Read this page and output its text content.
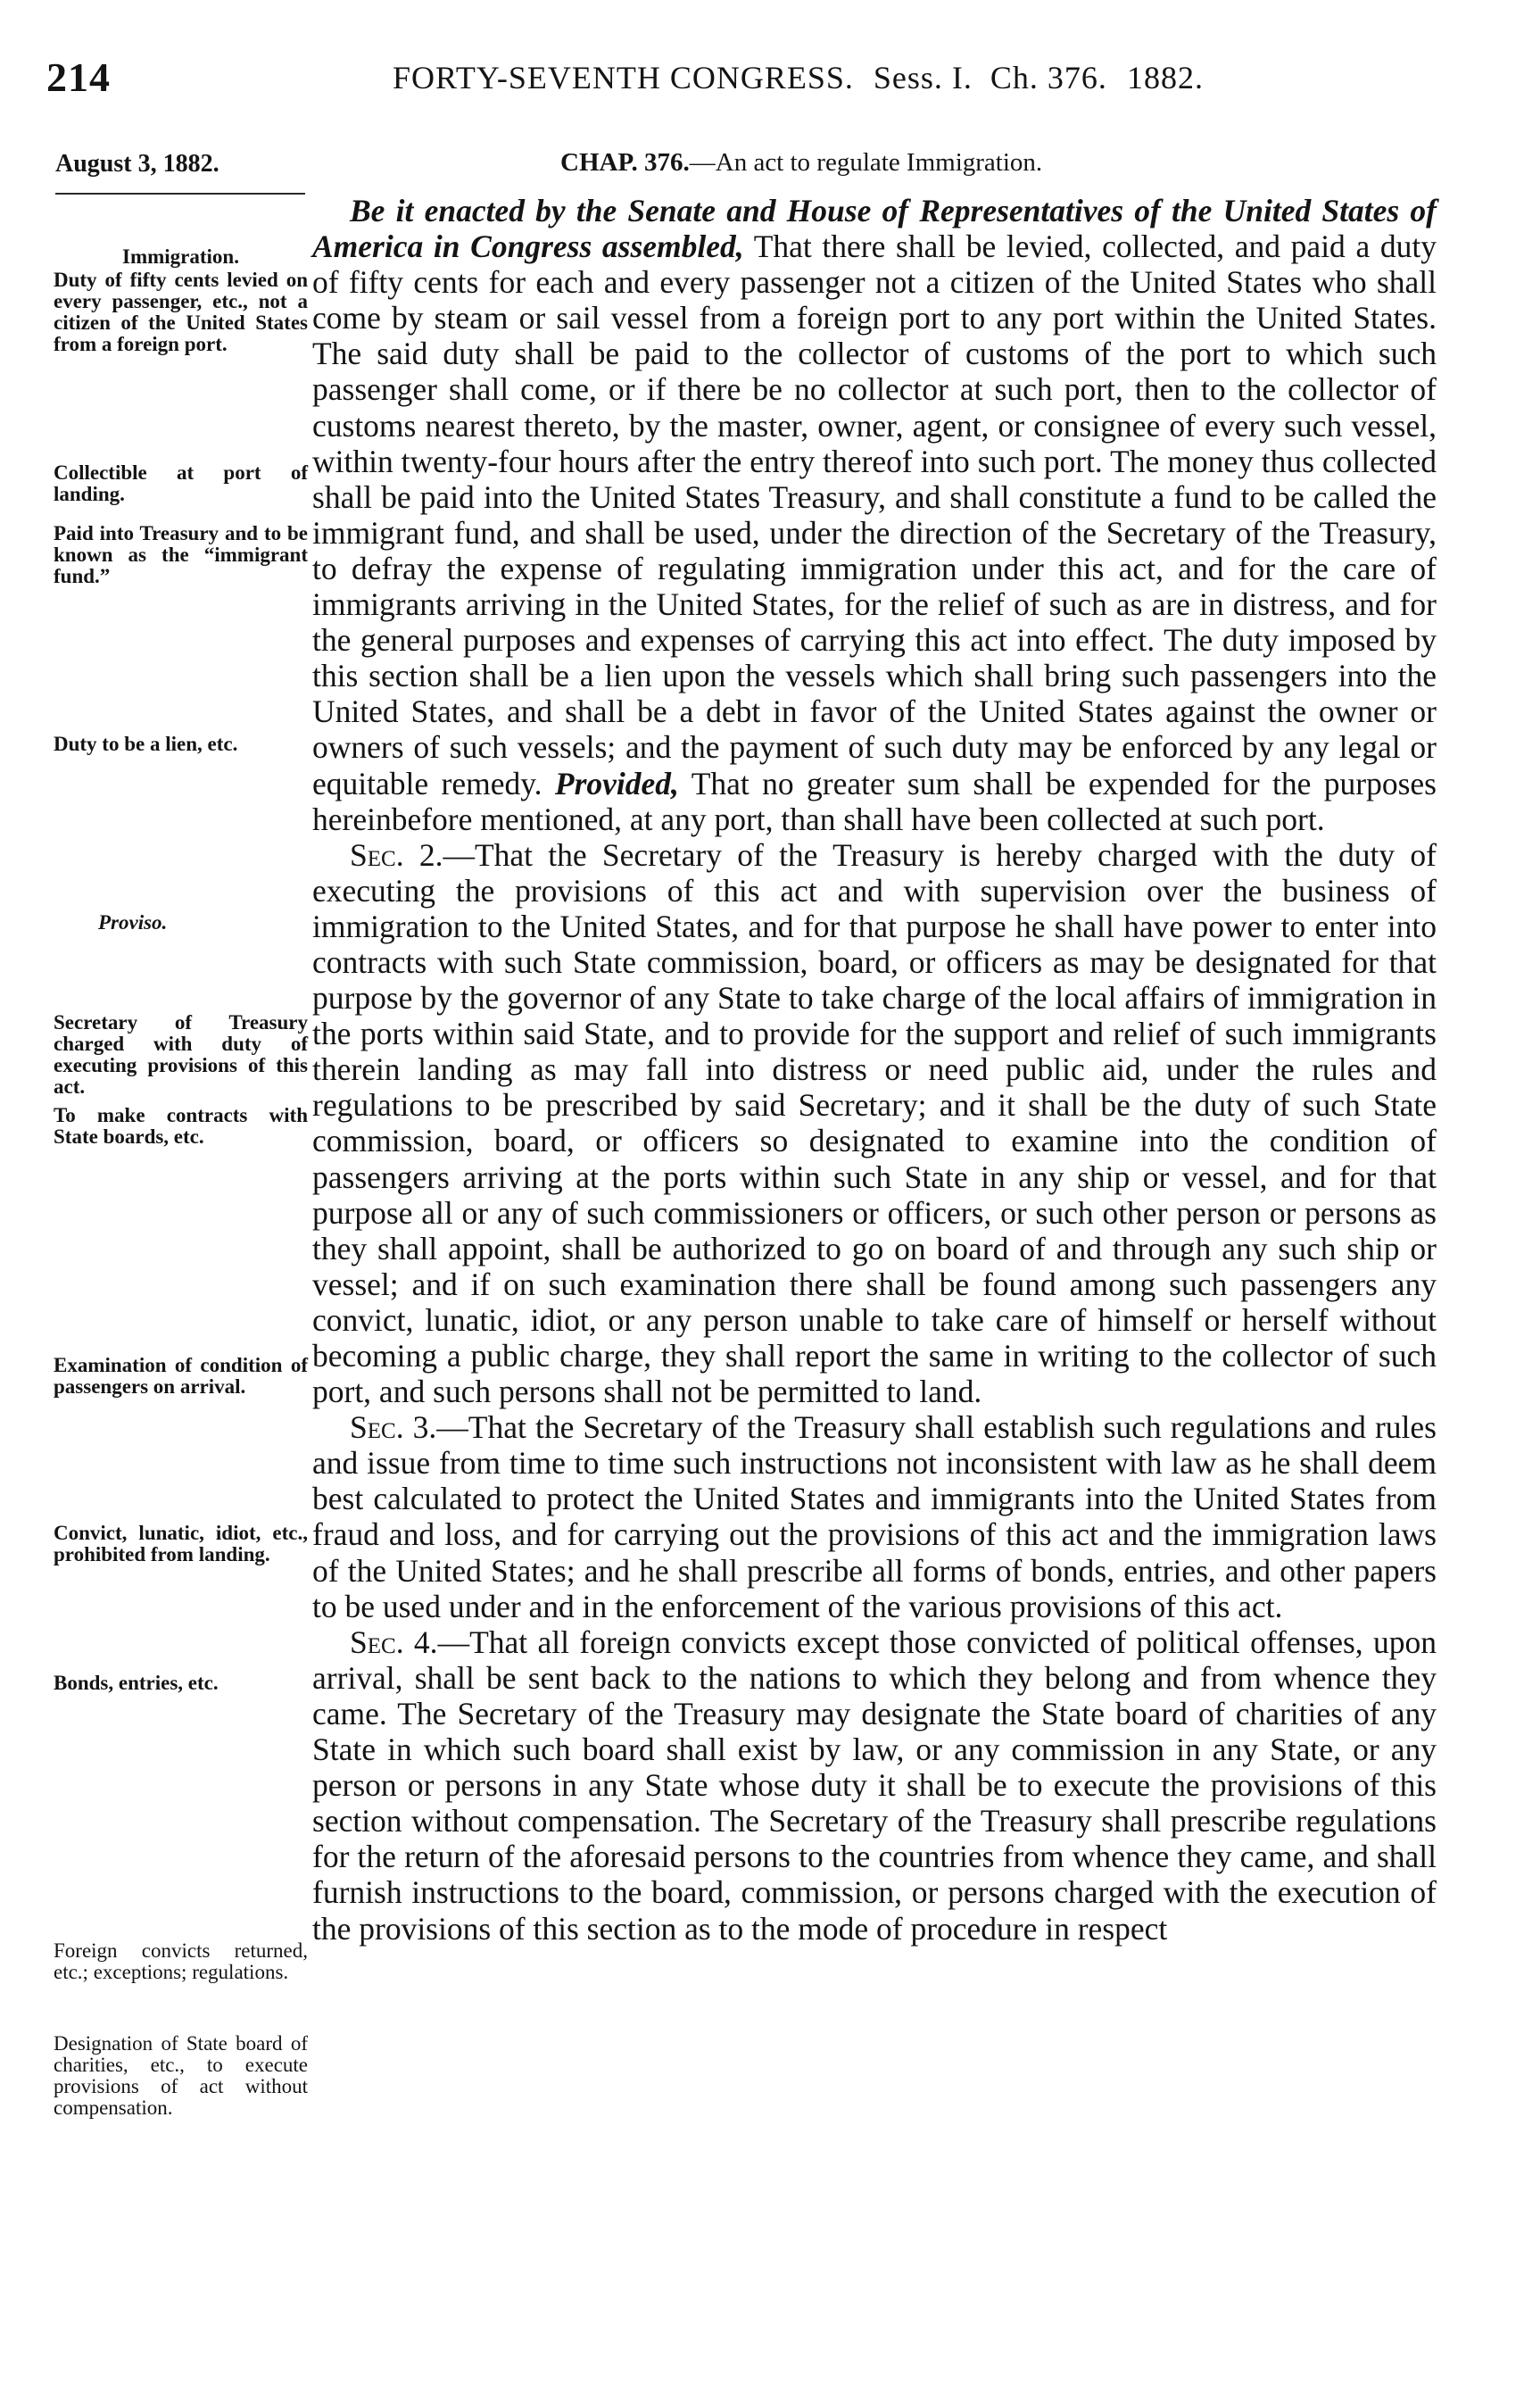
214	FORTY-SEVENTH CONGRESS. Sess. I. Ch. 376. 1882.
August 3, 1882.	CHAP. 376.—An act to regulate Immigration.
Immigration.
Duty of fifty cents levied on every passenger, etc., not a citizen of the United States from a foreign port.
Collectible at port of landing.
Paid into Treasury and to be known as the “immigrant fund.”
Duty to be a lien, etc.
Proviso.
Secretary of Treasury charged with duty of executing provisions of this act.
To make contracts with State boards, etc.
Examination of condition of passengers on arrival.
Convict, lunatic, idiot, etc., prohibited from landing.
Bonds, entries, etc.
Foreign convicts returned, etc.; exceptions; regulations.
Designation of State board of charities, etc., to execute provisions of act without compensation.

Be it enacted by the Senate and House of Representatives of the United States of America in Congress assembled, That there shall be levied, collected, and paid a duty of fifty cents for each and every passenger not a citizen of the United States who shall come by steam or sail vessel from a foreign port to any port within the United States. The said duty shall be paid to the collector of customs of the port to which such passenger shall come, or if there be no collector at such port, then to the collector of customs nearest thereto, by the master, owner, agent, or consignee of every such vessel, within twenty-four hours after the entry thereof into such port. The money thus collected shall be paid into the United States Treasury, and shall constitute a fund to be called the immigrant fund, and shall be used, under the direction of the Secretary of the Treasury, to defray the expense of regulating immigration under this act, and for the care of immigrants arriving in the United States, for the relief of such as are in distress, and for the general purposes and expenses of carrying this act into effect. The duty imposed by this section shall be a lien upon the vessels which shall bring such passengers into the United States, and shall be a debt in favor of the United States against the owner or owners of such vessels; and the payment of such duty may be enforced by any legal or equitable remedy. Provided, That no greater sum shall be expended for the purposes hereinbefore mentioned, at any port, than shall have been collected at such port.

Sec. 2.—That the Secretary of the Treasury is hereby charged with the duty of executing the provisions of this act and with supervision over the business of immigration to the United States, and for that purpose he shall have power to enter into contracts with such State commission, board, or officers as may be designated for that purpose by the governor of any State to take charge of the local affairs of immigration in the ports within said State, and to provide for the support and relief of such immigrants therein landing as may fall into distress or need public aid, under the rules and regulations to be prescribed by said Secretary; and it shall be the duty of such State commission, board, or officers so designated to examine into the condition of passengers arriving at the ports within such State in any ship or vessel, and for that purpose all or any of such commissioners or officers, or such other person or persons as they shall appoint, shall be authorized to go on board of and through any such ship or vessel; and if on such examination there shall be found among such passengers any convict, lunatic, idiot, or any person unable to take care of himself or herself without becoming a public charge, they shall report the same in writing to the collector of such port, and such persons shall not be permitted to land.

Sec. 3.—That the Secretary of the Treasury shall establish such regulations and rules and issue from time to time such instructions not inconsistent with law as he shall deem best calculated to protect the United States and immigrants into the United States from fraud and loss, and for carrying out the provisions of this act and the immigration laws of the United States; and he shall prescribe all forms of bonds, entries, and other papers to be used under and in the enforcement of the various provisions of this act.

Sec. 4.—That all foreign convicts except those convicted of political offenses, upon arrival, shall be sent back to the nations to which they belong and from whence they came. The Secretary of the Treasury may designate the State board of charities of any State in which such board shall exist by law, or any commission in any State, or any person or persons in any State whose duty it shall be to execute the provisions of this section without compensation. The Secretary of the Treasury shall prescribe regulations for the return of the aforesaid persons to the countries from whence they came, and shall furnish instructions to the board, commission, or persons charged with the execution of the provisions of this section as to the mode of procedure in respect
